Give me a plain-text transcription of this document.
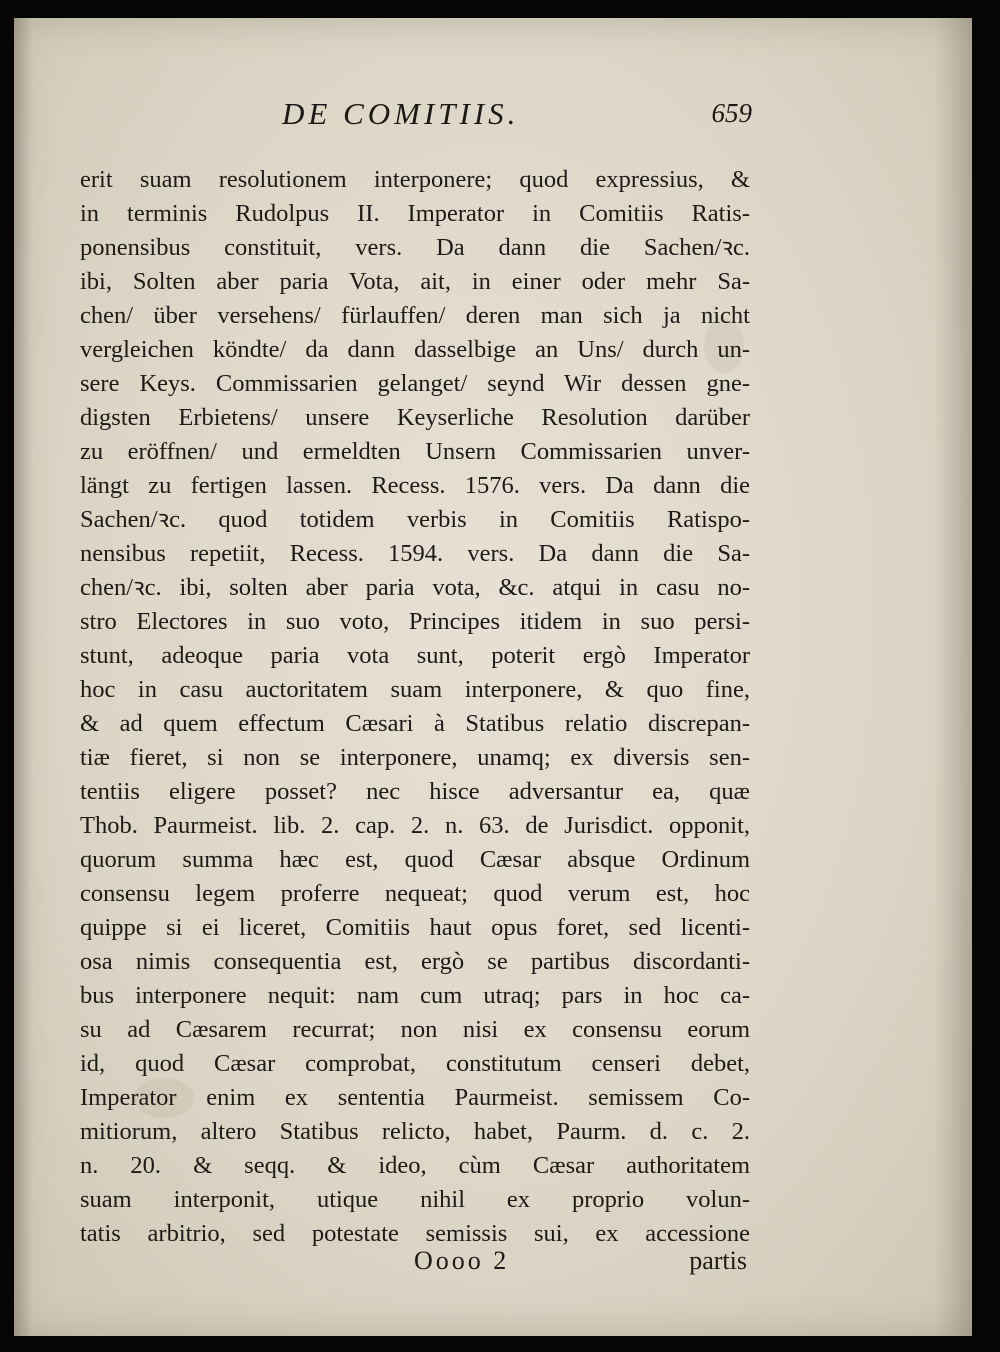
DE COMITIIS.	659
erit suam resolutionem interponere; quod expressius, &
in terminis Rudolpus II. Imperator in Comitiis Ratis-
ponensibus constituit, vers. Da dann die Sachen/ꝛc.
ibi, Solten aber paria Vota, ait, in einer oder mehr Sa-
chen/ über versehens/ fürlauffen/ deren man sich ja nicht
vergleichen köndte/ da dann dasselbige an Uns/ durch un-
sere Keys. Commissarien gelanget/ seynd Wir dessen gne-
digsten Erbietens/ unsere Keyserliche Resolution darüber
zu eröffnen/ und ermeldten Unsern Commissarien unver-
längt zu fertigen lassen. Recess. 1576. vers. Da dann die
Sachen/ꝛc. quod totidem verbis in Comitiis Ratispo-
nensibus repetiit, Recess. 1594. vers. Da dann die Sa-
chen/ꝛc. ibi, solten aber paria vota, &c. atqui in casu no-
stro Electores in suo voto, Principes itidem in suo persi-
stunt, adeoque paria vota sunt, poterit ergò Imperator
hoc in casu auctoritatem suam interponere, & quo fine,
& ad quem effectum Cæsari à Statibus relatio discrepan-
tiæ fieret, si non se interponere, unamq; ex diversis sen-
tentiis eligere posset? nec hisce adversantur ea, quæ
Thob. Paurmeist. lib. 2. cap. 2. n. 63. de Jurisdict. opponit,
quorum summa hæc est, quod Cæsar absque Ordinum
consensu legem proferre nequeat; quod verum est, hoc
quippe si ei liceret, Comitiis haut opus foret, sed licenti-
osa nimis consequentia est, ergò se partibus discordanti-
bus interponere nequit: nam cum utraq; pars in hoc ca-
su ad Cæsarem recurrat; non nisi ex consensu eorum
id, quod Cæsar comprobat, constitutum censeri debet,
Imperator enim ex sententia Paurmeist. semissem Co-
mitiorum, altero Statibus relicto, habet, Paurm. d. c. 2.
n. 20. & seqq. & ideo, cùm Cæsar authoritatem
suam interponit, utique nihil ex proprio volun-
tatis arbitrio, sed potestate semissis sui, ex accessione
Oooo 2	partis
